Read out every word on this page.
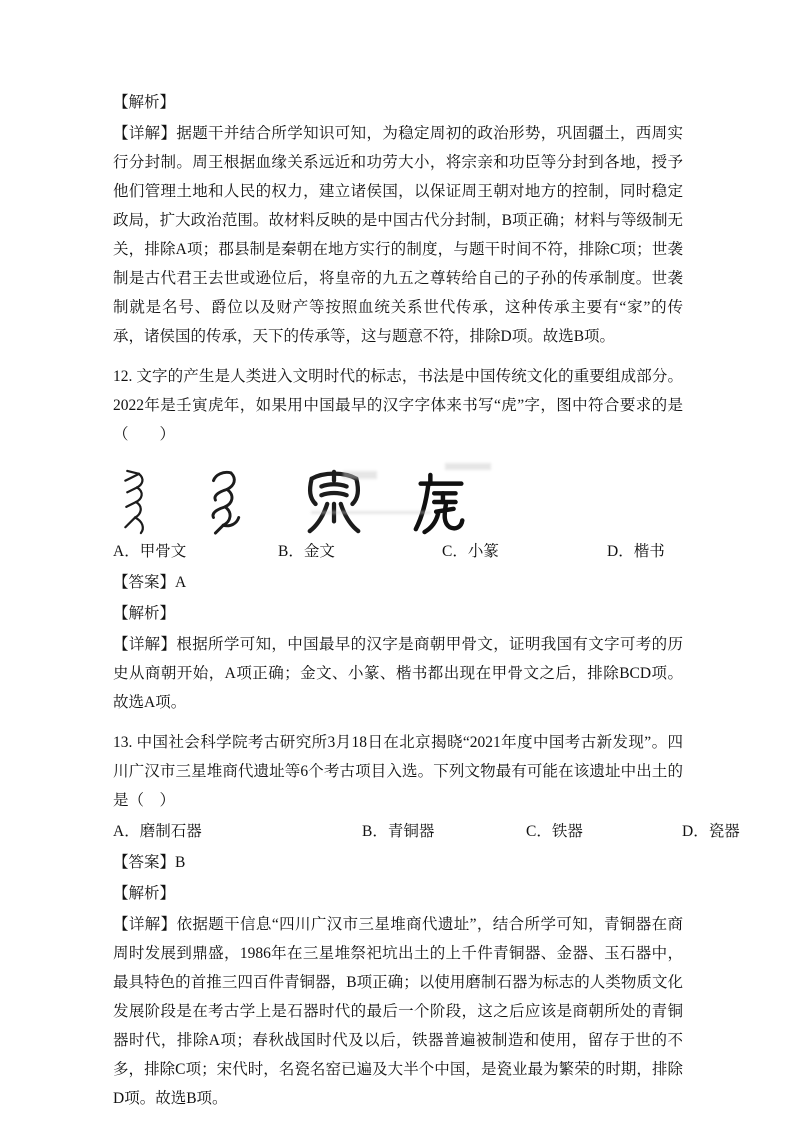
【解析】

【详解】据题干并结合所学知识可知，为稳定周初的政治形势，巩固疆土，西周实行分封制。周王根据血缘关系远近和功劳大小，将宗亲和功臣等分封到各地，授予他们管理土地和人民的权力，建立诸侯国，以保证周王朝对地方的控制，同时稳定政局，扩大政治范围。故材料反映的是中国古代分封制，B项正确；材料与等级制无关，排除A项；郡县制是秦朝在地方实行的制度，与题干时间不符，排除C项；世袭制是古代君王去世或逊位后，将皇帝的九五之尊转给自己的子孙的传承制度。世袭制就是名号、爵位以及财产等按照血统关系世代传承，这种传承主要有“家”的传承，诸侯国的传承，天下的传承等，这与题意不符，排除D项。故选B项。

12. 文字的产生是人类进入文明时代的标志，书法是中国传统文化的重要组成部分。2022年是壬寅虎年，如果用中国最早的汉字字体来书写“虎”字，图中符合要求的是（　　）

A．甲骨文	B．金文	C．小篆	D．楷书

【答案】A

【解析】

【详解】根据所学可知，中国最早的汉字是商朝甲骨文，证明我国有文字可考的历史从商朝开始，A项正确；金文、小篆、楷书都出现在甲骨文之后，排除BCD项。故选A项。

13. 中国社会科学院考古研究所3月18日在北京揭晓“2021年度中国考古新发现”。四川广汉市三星堆商代遗址等6个考古项目入选。下列文物最有可能在该遗址中出土的是（　）

A．磨制石器	B．青铜器	C．铁器	D．瓷器

【答案】B

【解析】

【详解】依据题干信息“四川广汉市三星堆商代遗址”，结合所学可知，青铜器在商周时发展到鼎盛，1986年在三星堆祭祀坑出土的上千件青铜器、金器、玉石器中，最具特色的首推三四百件青铜器，B项正确；以使用磨制石器为标志的人类物质文化发展阶段是在考古学上是石器时代的最后一个阶段，这之后应该是商朝所处的青铜器时代，排除A项；春秋战国时代及以后，铁器普遍被制造和使用，留存于世的不多，排除C项；宋代时，名瓷名窑已遍及大半个中国，是瓷业最为繁荣的时期，排除D项。故选B项。
